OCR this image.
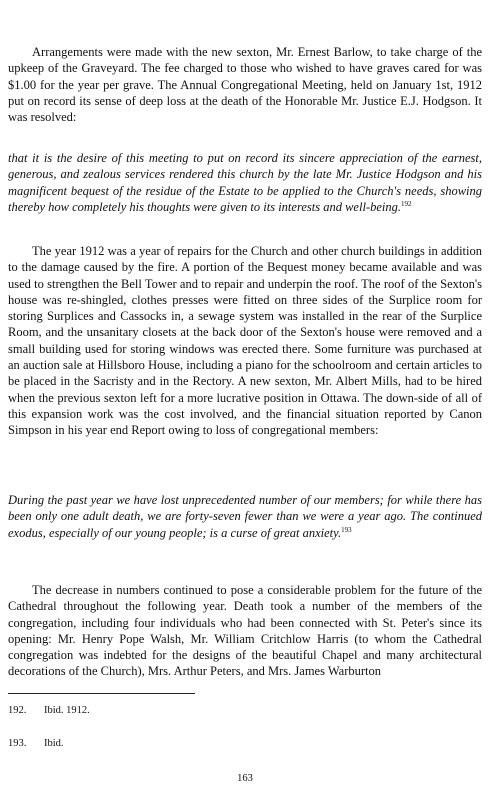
Arrangements were made with the new sexton, Mr. Ernest Barlow, to take charge of the upkeep of the Graveyard. The fee charged to those who wished to have graves cared for was $1.00 for the year per grave. The Annual Congregational Meeting, held on January 1st, 1912 put on record its sense of deep loss at the death of the Honorable Mr. Justice E.J. Hodgson. It was resolved:

that it is the desire of this meeting to put on record its sincere appreciation of the earnest, generous, and zealous services rendered this church by the late Mr. Justice Hodgson and his magnificent bequest of the residue of the Estate to be applied to the Church's needs, showing thereby how completely his thoughts were given to its interests and well-being.$^{192}$

The year 1912 was a year of repairs for the Church and other church buildings in addition to the damage caused by the fire. A portion of the Bequest money became available and was used to strengthen the Bell Tower and to repair and underpin the roof. The roof of the Sexton's house was re-shingled, clothes presses were fitted on three sides of the Surplice room for storing Surplices and Cassocks in, a sewage system was installed in the rear of the Surplice Room, and the unsanitary closets at the back door of the Sexton's house were removed and a small building used for storing windows was erected there. Some furniture was purchased at an auction sale at Hillsboro House, including a piano for the schoolroom and certain articles to be placed in the Sacristy and in the Rectory. A new sexton, Mr. Albert Mills, had to be hired when the previous sexton left for a more lucrative position in Ottawa. The down-side of all of this expansion work was the cost involved, and the financial situation reported by Canon Simpson in his year end Report owing to loss of congregational members:

During the past year we have lost unprecedented number of our members; for while there has been only one adult death, we are forty-seven fewer than we were a year ago. The continued exodus, especially of our young people; is a curse of great anxiety.$^{193}$

The decrease in numbers continued to pose a considerable problem for the future of the Cathedral throughout the following year. Death took a number of the members of the congregation, including four individuals who had been connected with St. Peter's since its opening: Mr. Henry Pope Walsh, Mr. William Critchlow Harris (to whom the Cathedral congregation was indebted for the designs of the beautiful Chapel and many architectural decorations of the Church), Mrs. Arthur Peters, and Mrs. James Warburton

192. Ibid. 1912.
193. Ibid.
163
